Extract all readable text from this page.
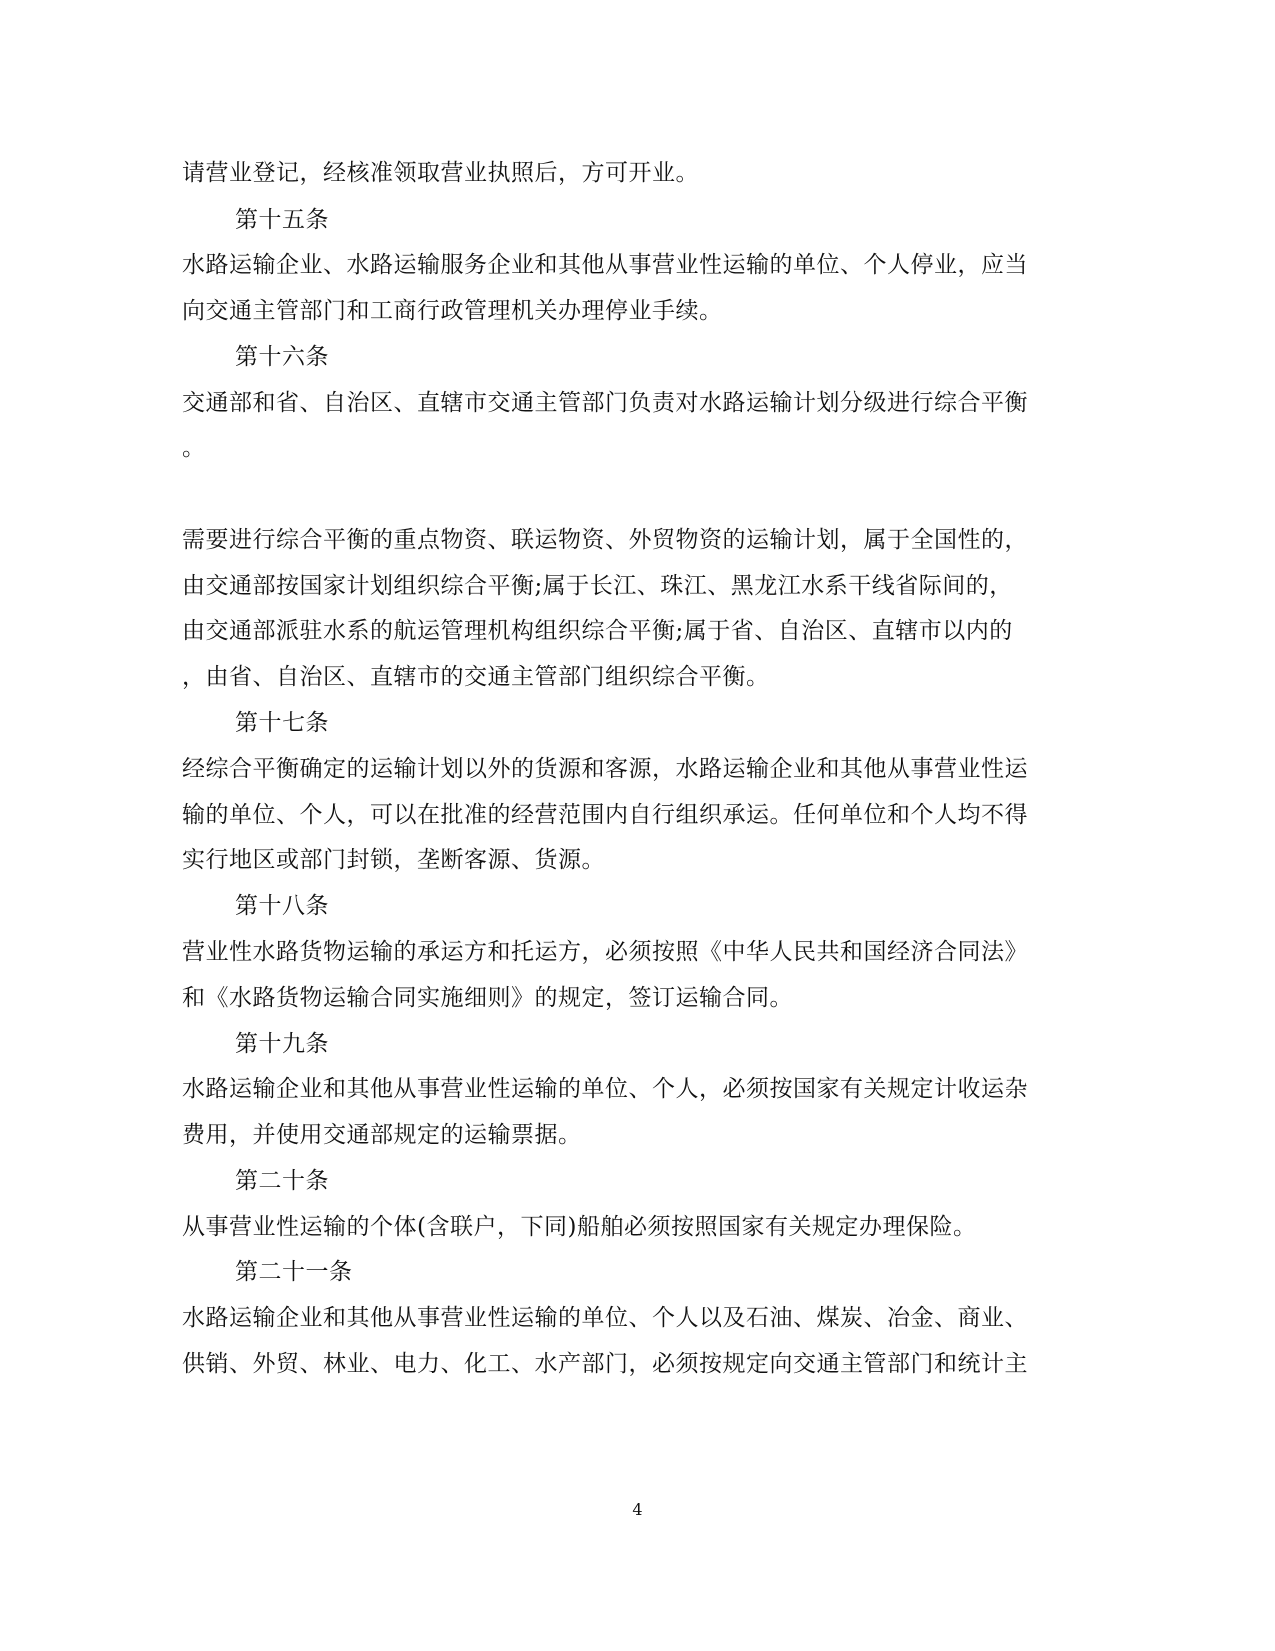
请营业登记，经核准领取营业执照后，方可开业。
第十五条
水路运输企业、水路运输服务企业和其他从事营业性运输的单位、个人停业，应当
向交通主管部门和工商行政管理机关办理停业手续。
第十六条
交通部和省、自治区、直辖市交通主管部门负责对水路运输计划分级进行综合平衡
。
需要进行综合平衡的重点物资、联运物资、外贸物资的运输计划，属于全国性的，
由交通部按国家计划组织综合平衡;属于长江、珠江、黑龙江水系干线省际间的，
由交通部派驻水系的航运管理机构组织综合平衡;属于省、自治区、直辖市以内的
，由省、自治区、直辖市的交通主管部门组织综合平衡。
第十七条
经综合平衡确定的运输计划以外的货源和客源，水路运输企业和其他从事营业性运
输的单位、个人，可以在批准的经营范围内自行组织承运。任何单位和个人均不得
实行地区或部门封锁，垄断客源、货源。
第十八条
营业性水路货物运输的承运方和托运方，必须按照《中华人民共和国经济合同法》
和《水路货物运输合同实施细则》的规定，签订运输合同。
第十九条
水路运输企业和其他从事营业性运输的单位、个人，必须按国家有关规定计收运杂
费用，并使用交通部规定的运输票据。
第二十条
从事营业性运输的个体(含联户，下同)船舶必须按照国家有关规定办理保险。
第二十一条
水路运输企业和其他从事营业性运输的单位、个人以及石油、煤炭、冶金、商业、
供销、外贸、林业、电力、化工、水产部门，必须按规定向交通主管部门和统计主
4
